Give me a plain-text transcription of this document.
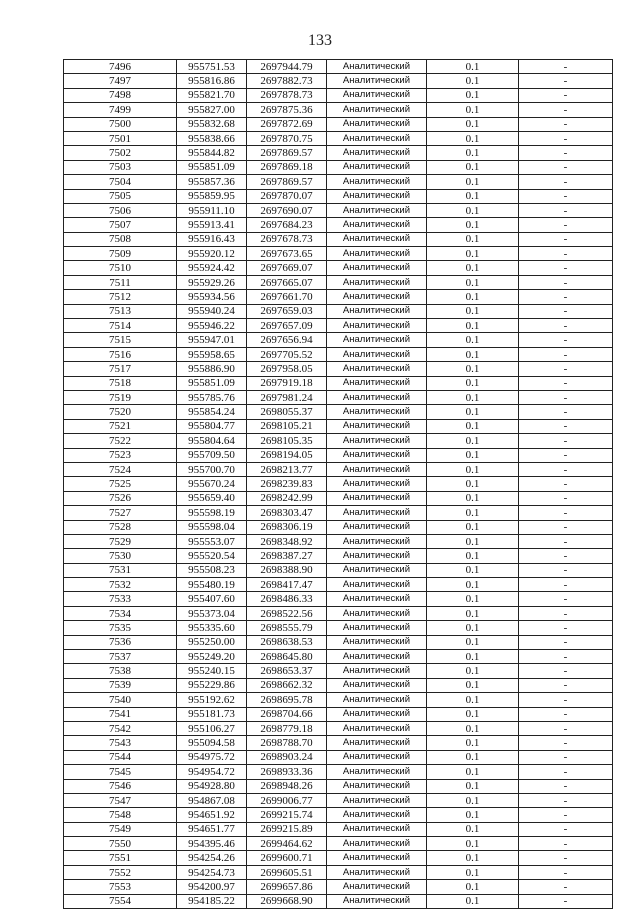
133
7496	955751.53	2697944.79	Аналитический	0.1	-
7497	955816.86	2697882.73	Аналитический	0.1	-
7498	955821.70	2697878.73	Аналитический	0.1	-
7499	955827.00	2697875.36	Аналитический	0.1	-
7500	955832.68	2697872.69	Аналитический	0.1	-
7501	955838.66	2697870.75	Аналитический	0.1	-
7502	955844.82	2697869.57	Аналитический	0.1	-
7503	955851.09	2697869.18	Аналитический	0.1	-
7504	955857.36	2697869.57	Аналитический	0.1	-
7505	955859.95	2697870.07	Аналитический	0.1	-
7506	955911.10	2697690.07	Аналитический	0.1	-
7507	955913.41	2697684.23	Аналитический	0.1	-
7508	955916.43	2697678.73	Аналитический	0.1	-
7509	955920.12	2697673.65	Аналитический	0.1	-
7510	955924.42	2697669.07	Аналитический	0.1	-
7511	955929.26	2697665.07	Аналитический	0.1	-
7512	955934.56	2697661.70	Аналитический	0.1	-
7513	955940.24	2697659.03	Аналитический	0.1	-
7514	955946.22	2697657.09	Аналитический	0.1	-
7515	955947.01	2697656.94	Аналитический	0.1	-
7516	955958.65	2697705.52	Аналитический	0.1	-
7517	955886.90	2697958.05	Аналитический	0.1	-
7518	955851.09	2697919.18	Аналитический	0.1	-
7519	955785.76	2697981.24	Аналитический	0.1	-
7520	955854.24	2698055.37	Аналитический	0.1	-
7521	955804.77	2698105.21	Аналитический	0.1	-
7522	955804.64	2698105.35	Аналитический	0.1	-
7523	955709.50	2698194.05	Аналитический	0.1	-
7524	955700.70	2698213.77	Аналитический	0.1	-
7525	955670.24	2698239.83	Аналитический	0.1	-
7526	955659.40	2698242.99	Аналитический	0.1	-
7527	955598.19	2698303.47	Аналитический	0.1	-
7528	955598.04	2698306.19	Аналитический	0.1	-
7529	955553.07	2698348.92	Аналитический	0.1	-
7530	955520.54	2698387.27	Аналитический	0.1	-
7531	955508.23	2698388.90	Аналитический	0.1	-
7532	955480.19	2698417.47	Аналитический	0.1	-
7533	955407.60	2698486.33	Аналитический	0.1	-
7534	955373.04	2698522.56	Аналитический	0.1	-
7535	955335.60	2698555.79	Аналитический	0.1	-
7536	955250.00	2698638.53	Аналитический	0.1	-
7537	955249.20	2698645.80	Аналитический	0.1	-
7538	955240.15	2698653.37	Аналитический	0.1	-
7539	955229.86	2698662.32	Аналитический	0.1	-
7540	955192.62	2698695.78	Аналитический	0.1	-
7541	955181.73	2698704.66	Аналитический	0.1	-
7542	955106.27	2698779.18	Аналитический	0.1	-
7543	955094.58	2698788.70	Аналитический	0.1	-
7544	954975.72	2698903.24	Аналитический	0.1	-
7545	954954.72	2698933.36	Аналитический	0.1	-
7546	954928.80	2698948.26	Аналитический	0.1	-
7547	954867.08	2699006.77	Аналитический	0.1	-
7548	954651.92	2699215.74	Аналитический	0.1	-
7549	954651.77	2699215.89	Аналитический	0.1	-
7550	954395.46	2699464.62	Аналитический	0.1	-
7551	954254.26	2699600.71	Аналитический	0.1	-
7552	954254.73	2699605.51	Аналитический	0.1	-
7553	954200.97	2699657.86	Аналитический	0.1	-
7554	954185.22	2699668.90	Аналитический	0.1	-
